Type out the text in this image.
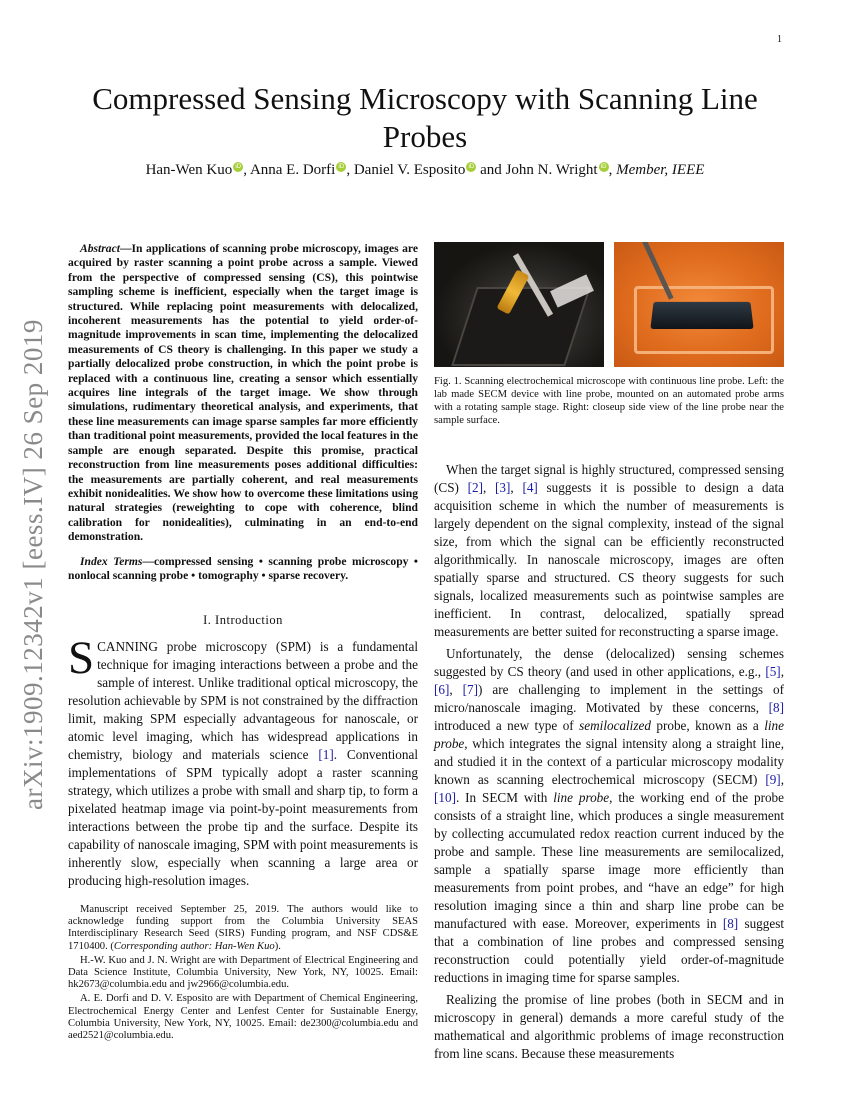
1
arXiv:1909.12342v1 [eess.IV] 26 Sep 2019
Compressed Sensing Microscopy with Scanning Line Probes
Han-Wen Kuo iD , Anna E. Dorfi iD , Daniel V. Esposito iD and John N. Wright iD , Member, IEEE

Abstract—In applications of scanning probe microscopy, images are acquired by raster scanning a point probe across a sample. Viewed from the perspective of compressed sensing (CS), this pointwise sampling scheme is inefficient, especially when the target image is structured. While replacing point measurements with delocalized, incoherent measurements has the potential to yield order-of-magnitude improvements in scan time, implementing the delocalized measurements of CS theory is challenging. In this paper we study a partially delocalized probe construction, in which the point probe is replaced with a continuous line, creating a sensor which essentially acquires line integrals of the target image. We show through simulations, rudimentary theoretical analysis, and experiments, that these line measurements can image sparse samples far more efficiently than traditional point measurements, provided the local features in the sample are enough separated. Despite this promise, practical reconstruction from line measurements poses additional difficulties: the measurements are partially coherent, and real measurements exhibit nonidealities. We show how to overcome these limitations using natural strategies (reweighting to cope with coherence, blind calibration for nonidealities), culminating in an end-to-end demonstration.

Index Terms—compressed sensing • scanning probe microscopy • nonlocal scanning probe • tomography • sparse recovery.

I. Introduction

SCANNING probe microscopy (SPM) is a fundamental technique for imaging interactions between a probe and the sample of interest. Unlike traditional optical microscopy, the resolution achievable by SPM is not constrained by the diffraction limit, making SPM especially advantageous for nanoscale, or atomic level imaging, which has widespread applications in chemistry, biology and materials science [1]. Conventional implementations of SPM typically adopt a raster scanning strategy, which utilizes a probe with small and sharp tip, to form a pixelated heatmap image via point-by-point measurements from interactions between the probe tip and the surface. Despite its capability of nanoscale imaging, SPM with point measurements is inherently slow, especially when scanning a large area or producing high-resolution images.

Manuscript received September 25, 2019. The authors would like to acknowledge funding support from the Columbia University SEAS Interdisciplinary Research Seed (SIRS) Funding program, and NSF CDS&E 1710400. (Corresponding author: Han-Wen Kuo).

H.-W. Kuo and J. N. Wright are with Department of Electrical Engineering and Data Science Institute, Columbia University, New York, NY, 10025. Email: hk2673@columbia.edu and jw2966@columbia.edu.

A. E. Dorfi and D. V. Esposito are with Department of Chemical Engineering, Electrochemical Energy Center and Lenfest Center for Sustainable Energy, Columbia University, New York, NY, 10025. Email: de2300@columbia.edu and aed2521@columbia.edu.

Fig. 1. Scanning electrochemical microscope with continuous line probe. Left: the lab made SECM device with line probe, mounted on an automated probe arms with a rotating sample stage. Right: closeup side view of the line probe near the sample surface.

When the target signal is highly structured, compressed sensing (CS) [2], [3], [4] suggests it is possible to design a data acquisition scheme in which the number of measurements is largely dependent on the signal complexity, instead of the signal size, from which the signal can be efficiently reconstructed algorithmically. In nanoscale microscopy, images are often spatially sparse and structured. CS theory suggests for such signals, localized measurements such as pointwise samples are inefficient. In contrast, delocalized, spatially spread measurements are better suited for reconstructing a sparse image.

Unfortunately, the dense (delocalized) sensing schemes suggested by CS theory (and used in other applications, e.g., [5], [6], [7]) are challenging to implement in the settings of micro/nanoscale imaging. Motivated by these concerns, [8] introduced a new type of semilocalized probe, known as a line probe, which integrates the signal intensity along a straight line, and studied it in the context of a particular microscopy modality known as scanning electrochemical microscopy (SECM) [9], [10]. In SECM with line probe, the working end of the probe consists of a straight line, which produces a single measurement by collecting accumulated redox reaction current induced by the probe and sample. These line measurements are semilocalized, sample a spatially sparse image more efficiently than measurements from point probes, and “have an edge” for high resolution imaging since a thin and sharp line probe can be manufactured with ease. Moreover, experiments in [8] suggest that a combination of line probes and compressed sensing reconstruction could potentially yield order-of-magnitude reductions in imaging time for sparse samples.

Realizing the promise of line probes (both in SECM and in microscopy in general) demands a more careful study of the mathematical and algorithmic problems of image reconstruction from line scans. Because these measurements
